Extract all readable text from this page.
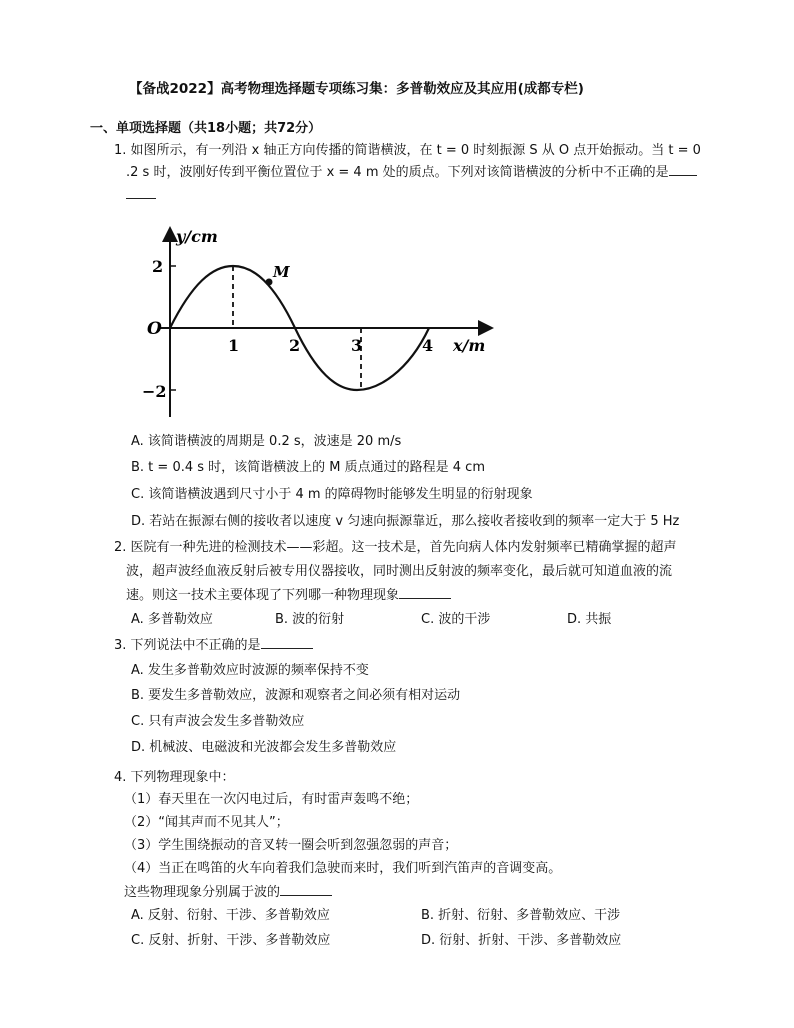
【备战2022】高考物理选择题专项练习集：多普勒效应及其应用(成都专栏)
一、单项选择题（共18小题；共72分）
1. 如图所示，有一列沿 x 轴正方向传播的简谐横波，在 t = 0 时刻振源 S 从 O 点开始振动。当 t = 0
.2 s 时，波刚好传到平衡位置位于 x = 4 m 处的质点。下列对该简谐横波的分析中不正确的是
y/cm
x/m
O
M
2
−2
1	2	3	4
A. 该简谐横波的周期是 0.2 s，波速是 20 m/s
B. t = 0.4 s 时，该简谐横波上的 M 质点通过的路程是 4 cm
C. 该简谐横波遇到尺寸小于 4 m 的障碍物时能够发生明显的衍射现象
D. 若站在振源右侧的接收者以速度 v 匀速向振源靠近，那么接收者接收到的频率一定大于 5 Hz
2. 医院有一种先进的检测技术——彩超。这一技术是，首先向病人体内发射频率已精确掌握的超声
波，超声波经血液反射后被专用仪器接收，同时测出反射波的频率变化，最后就可知道血液的流
速。则这一技术主要体现了下列哪一种物理现象
A. 多普勒效应	B. 波的衍射	C. 波的干涉	D. 共振
3. 下列说法中不正确的是
A. 发生多普勒效应时波源的频率保持不变
B. 要发生多普勒效应，波源和观察者之间必须有相对运动
C. 只有声波会发生多普勒效应
D. 机械波、电磁波和光波都会发生多普勒效应
4. 下列物理现象中：
（1）春天里在一次闪电过后，有时雷声轰鸣不绝；
（2）“闻其声而不见其人”；
（3）学生围绕振动的音叉转一圈会听到忽强忽弱的声音；
（4）当正在鸣笛的火车向着我们急驶而来时，我们听到汽笛声的音调变高。
这些物理现象分别属于波的
A. 反射、衍射、干涉、多普勒效应	B. 折射、衍射、多普勒效应、干涉
C. 反射、折射、干涉、多普勒效应	D. 衍射、折射、干涉、多普勒效应
